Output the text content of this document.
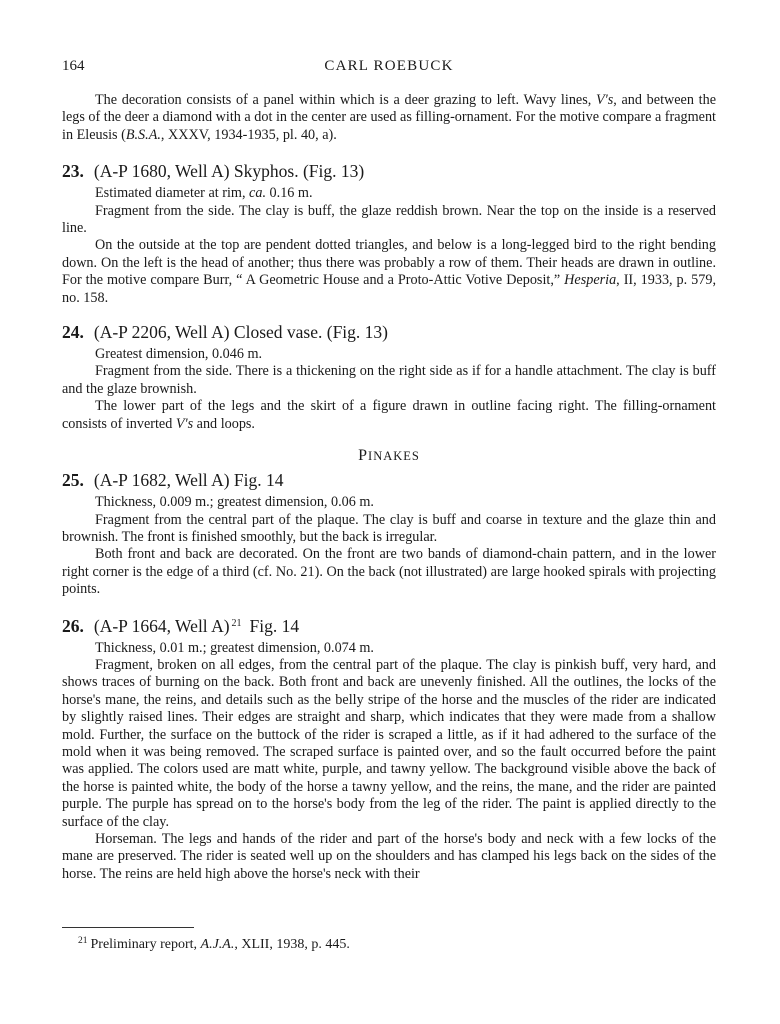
164	CARL ROEBUCK

The decoration consists of a panel within which is a deer grazing to left. Wavy lines, V's, and between the legs of the deer a diamond with a dot in the center are used as filling-ornament. For the motive compare a fragment in Eleusis (B.S.A., XXXV, 1934-1935, pl. 40, a).

23. (A-P 1680, Well A) Skyphos. (Fig. 13)

Estimated diameter at rim, ca. 0.16 m.

Fragment from the side. The clay is buff, the glaze reddish brown. Near the top on the inside is a reserved line.

On the outside at the top are pendent dotted triangles, and below is a long-legged bird to the right bending down. On the left is the head of another; thus there was probably a row of them. Their heads are drawn in outline. For the motive compare Burr, “ A Geometric House and a Proto-Attic Votive Deposit,” Hesperia, II, 1933, p. 579, no. 158.

24. (A-P 2206, Well A) Closed vase. (Fig. 13)

Greatest dimension, 0.046 m.

Fragment from the side. There is a thickening on the right side as if for a handle attachment. The clay is buff and the glaze brownish.

The lower part of the legs and the skirt of a figure drawn in outline facing right. The filling-ornament consists of inverted V's and loops.

PINAKES
25. (A-P 1682, Well A) Fig. 14

Thickness, 0.009 m.; greatest dimension, 0.06 m.

Fragment from the central part of the plaque. The clay is buff and coarse in texture and the glaze thin and brownish. The front is finished smoothly, but the back is irregular.

Both front and back are decorated. On the front are two bands of diamond-chain pattern, and in the lower right corner is the edge of a third (cf. No. 21). On the back (not illustrated) are large hooked spirals with projecting points.

26. (A-P 1664, Well A) $^{21}$ Fig. 14

Thickness, 0.01 m.; greatest dimension, 0.074 m.

Fragment, broken on all edges, from the central part of the plaque. The clay is pinkish buff, very hard, and shows traces of burning on the back. Both front and back are unevenly finished. All the outlines, the locks of the horse's mane, the reins, and details such as the belly stripe of the horse and the muscles of the rider are indicated by slightly raised lines. Their edges are straight and sharp, which indicates that they were made from a shallow mold. Further, the surface on the buttock of the rider is scraped a little, as if it had adhered to the surface of the mold when it was being removed. The scraped surface is painted over, and so the fault occurred before the paint was applied. The colors used are matt white, purple, and tawny yellow. The background visible above the back of the horse is painted white, the body of the horse a tawny yellow, and the reins, the mane, and the rider are painted purple. The purple has spread on to the horse's body from the leg of the rider. The paint is applied directly to the surface of the clay.

Horseman. The legs and hands of the rider and part of the horse's body and neck with a few locks of the mane are preserved. The rider is seated well up on the shoulders and has clamped his legs back on the sides of the horse. The reins are held high above the horse's neck with their

$^{21}$ Preliminary report, A.J.A., XLII, 1938, p. 445.
